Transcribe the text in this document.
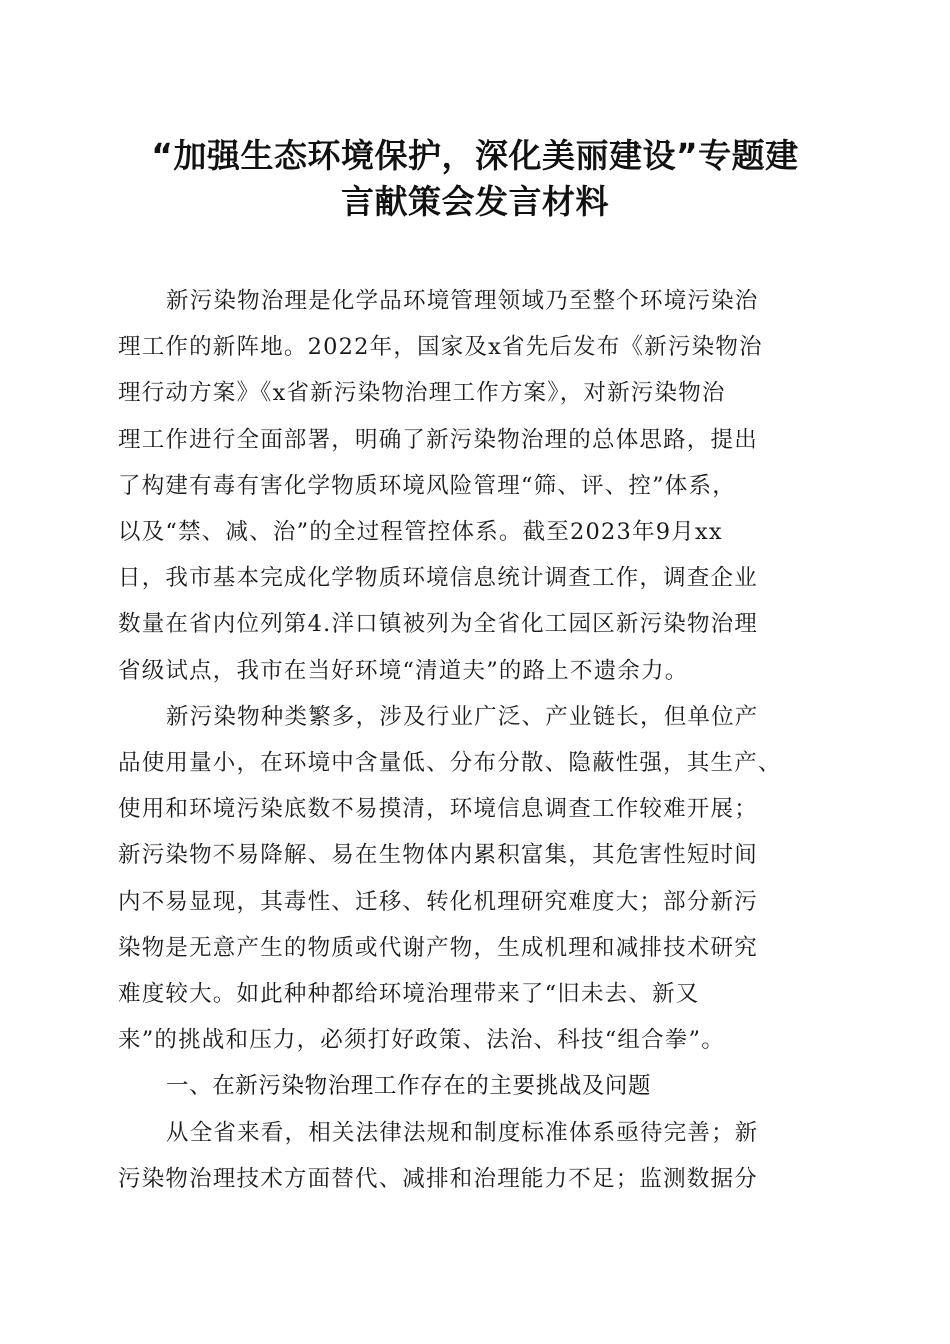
“加强生态环境保护，深化美丽建设”专题建
言献策会发言材料
新污染物治理是化学品环境管理领域乃至整个环境污染治
理工作的新阵地。2022年，国家及x省先后发布《新污染物治
理行动方案》《x省新污染物治理工作方案》，对新污染物治
理工作进行全面部署，明确了新污染物治理的总体思路，提出
了构建有毒有害化学物质环境风险管理“筛、评、控”体系，
以及“禁、减、治”的全过程管控体系。截至2023年9月xx
日，我市基本完成化学物质环境信息统计调查工作，调查企业
数量在省内位列第4.洋口镇被列为全省化工园区新污染物治理
省级试点，我市在当好环境“清道夫”的路上不遗余力。
新污染物种类繁多，涉及行业广泛、产业链长，但单位产
品使用量小，在环境中含量低、分布分散、隐蔽性强，其生产、
使用和环境污染底数不易摸清，环境信息调查工作较难开展；
新污染物不易降解、易在生物体内累积富集，其危害性短时间
内不易显现，其毒性、迁移、转化机理研究难度大；部分新污
染物是无意产生的物质或代谢产物，生成机理和减排技术研究
难度较大。如此种种都给环境治理带来了“旧未去、新又
来”的挑战和压力，必须打好政策、法治、科技“组合拳”。
一、在新污染物治理工作存在的主要挑战及问题
从全省来看，相关法律法规和制度标准体系亟待完善；新
污染物治理技术方面替代、减排和治理能力不足；监测数据分
